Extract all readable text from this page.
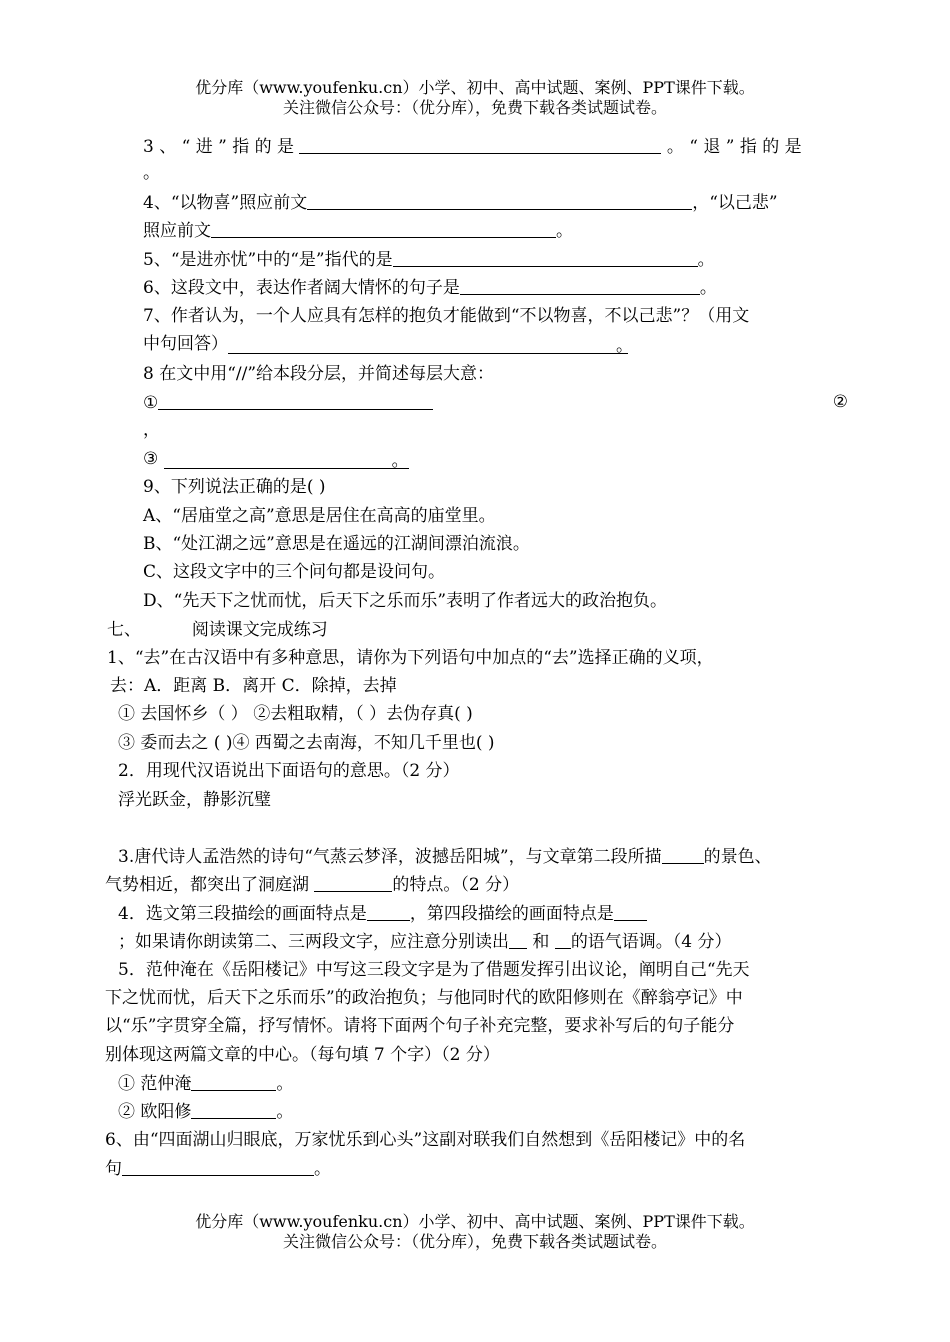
优分库（www.youfenku.cn）小学、初中、高中试题、案例、PPT课件下载。
关注微信公众号：（优分库），免费下载各类试题试卷。
3 、 “ 进 ” 指 的 是	。 “ 退 ” 指 的 是
。
4、“以物喜”照应前文	，“以己悲”
照应前文	。
5、“是进亦忧”中的“是”指代的是	。
6、这段文中，表达作者阔大情怀的句子是	。
7、作者认为，一个人应具有怎样的抱负才能做到“不以物喜，不以己悲”？（用文
中句回答）	。
8 在文中用“//”给本段分层，并简述每层大意：
①	②
，
③	。
9、下列说法正确的是( )
A、“居庙堂之高”意思是居住在高高的庙堂里。
B、“处江湖之远”意思是在遥远的江湖间漂泊流浪。
C、这段文字中的三个问句都是设问句。
D、“先天下之忧而忧，后天下之乐而乐”表明了作者远大的政治抱负。
七、	阅读课文完成练习
1、“去”在古汉语中有多种意思，请你为下列语句中加点的“去”选择正确的义项，
去：A．距离 B．离开 C．除掉，去掉
① 去国怀乡（ ） ②去粗取精，（ ）去伪存真( )
③ 委而去之 ( )④ 西蜀之去南海，不知几千里也( )
2．用现代汉语说出下面语句的意思。（2 分）
浮光跃金，静影沉璧
3.唐代诗人孟浩然的诗句“气蒸云梦泽，波撼岳阳城”，与文章第二段所描 的景色、
气势相近，都突出了洞庭湖	的特点。（2 分）
4．选文第三段描绘的画面特点是	，第四段描绘的画面特点是
；如果请你朗读第二、三两段文字，应注意分别读出 和 的语气语调。（4 分）
5．范仲淹在《岳阳楼记》中写这三段文字是为了借题发挥引出议论，阐明自己“先天
下之忧而忧，后天下之乐而乐”的政治抱负；与他同时代的欧阳修则在《醉翁亭记》中
以“乐”字贯穿全篇，抒写情怀。请将下面两个句子补充完整，要求补写后的句子能分
别体现这两篇文章的中心。（每句填 7 个字）（2 分）
① 范仲淹	。
② 欧阳修	。
6、由“四面湖山归眼底，万家忧乐到心头”这副对联我们自然想到《岳阳楼记》中的名
句	。
优分库（www.youfenku.cn）小学、初中、高中试题、案例、PPT课件下载。
关注微信公众号：（优分库），免费下载各类试题试卷。
